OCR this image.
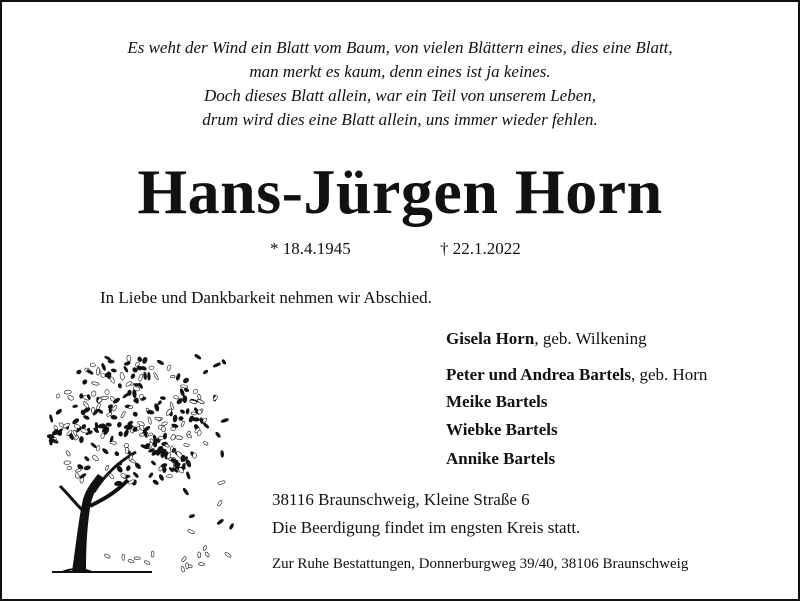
Es weht der Wind ein Blatt vom Baum, von vielen Blättern eines, dies eine Blatt,
man merkt es kaum, denn eines ist ja keines.
Doch dieses Blatt allein, war ein Teil von unserem Leben,
drum wird dies eine Blatt allein, uns immer wieder fehlen.
Hans-Jürgen Horn
* 18.4.1945	† 22.1.2022
In Liebe und Dankbarkeit nehmen wir Abschied.
Gisela Horn, geb. Wilkening
Peter und Andrea Bartels, geb. Horn
Meike Bartels
Wiebke Bartels
Annike Bartels
38116 Braunschweig, Kleine Straße 6
Die Beerdigung findet im engsten Kreis statt.
Zur Ruhe Bestattungen, Donnerburgweg 39/40, 38106 Braunschweig
